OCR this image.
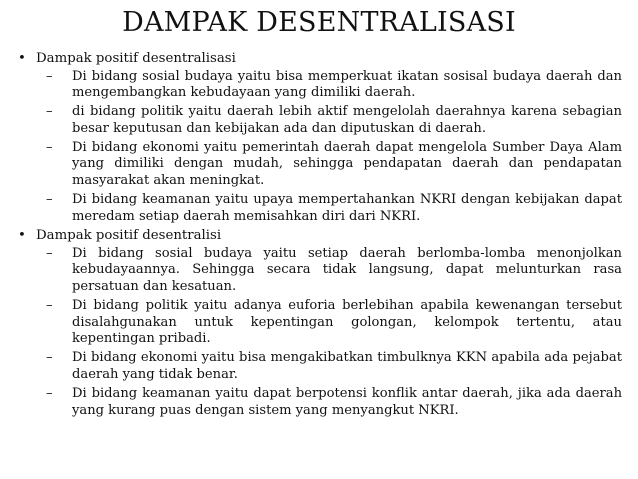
DAMPAK DESENTRALISASI
• Dampak positif desentralisasi
– Di bidang sosial budaya yaitu bisa memperkuat ikatan sosisal budaya daerah dan mengembangkan kebudayaan yang dimiliki daerah.
– di bidang politik yaitu daerah lebih aktif mengelolah daerahnya karena sebagian besar keputusan dan kebijakan ada dan diputuskan di daerah.
– Di bidang ekonomi yaitu pemerintah daerah dapat mengelola Sumber Daya Alam yang dimiliki dengan mudah, sehingga pendapatan daerah dan pendapatan masyarakat akan meningkat.
– Di bidang keamanan yaitu upaya mempertahankan NKRI dengan kebijakan dapat meredam setiap daerah memisahkan diri dari NKRI.
• Dampak positif desentralisi
– Di bidang sosial budaya yaitu setiap daerah berlomba-lomba menonjolkan kebudayaannya. Sehingga secara tidak langsung, dapat melunturkan rasa persatuan dan kesatuan.
– Di bidang politik yaitu adanya euforia berlebihan apabila kewenangan tersebut disalahgunakan untuk kepentingan golongan, kelompok tertentu, atau kepentingan pribadi.
– Di bidang ekonomi yaitu bisa mengakibatkan timbulknya KKN apabila ada pejabat daerah yang tidak benar.
– Di bidang keamanan yaitu dapat berpotensi konflik antar daerah, jika ada daerah yang kurang puas dengan sistem yang menyangkut NKRI.
